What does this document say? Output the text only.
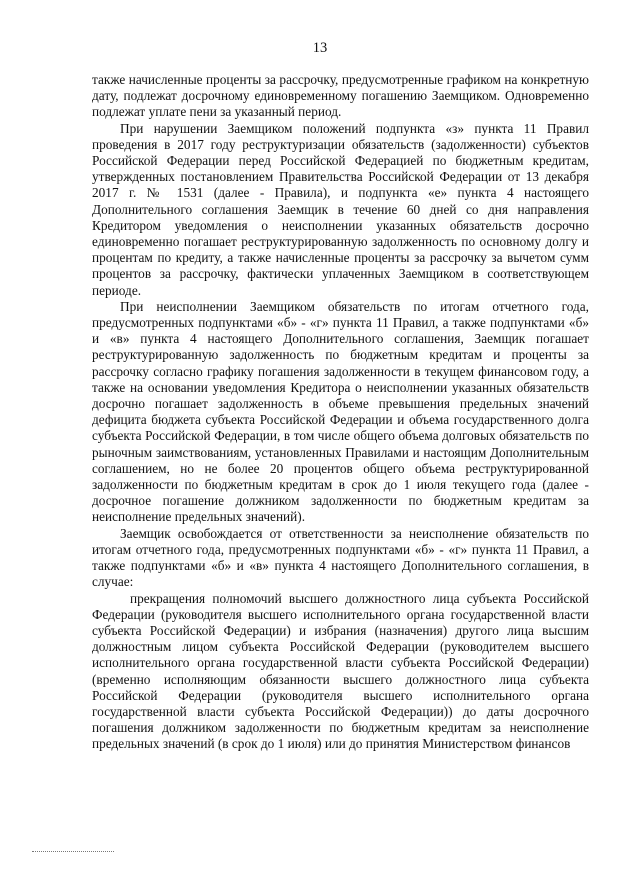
13

также начисленные проценты за рассрочку, предусмотренные графиком на конкретную дату, подлежат досрочному единовременному погашению Заемщиком. Одновременно подлежат уплате пени за указанный период.

При нарушении Заемщиком положений подпункта «з» пункта 11 Правил проведения в 2017 году реструктуризации обязательств (задолженности) субъектов Российской Федерации перед Российской Федерацией по бюджетным кредитам, утвержденных постановлением Правительства Российской Федерации от 13 декабря 2017 г. № 1531 (далее - Правила), и подпункта «е» пункта 4 настоящего Дополнительного соглашения Заемщик в течение 60 дней со дня направления Кредитором уведомления о неисполнении указанных обязательств досрочно единовременно погашает реструктурированную задолженность по основному долгу и процентам по кредиту, а также начисленные проценты за рассрочку за вычетом сумм процентов за рассрочку, фактически уплаченных Заемщиком в соответствующем периоде.

При неисполнении Заемщиком обязательств по итогам отчетного года, предусмотренных подпунктами «б» - «г» пункта 11 Правил, а также подпунктами «б» и «в» пункта 4 настоящего Дополнительного соглашения, Заемщик погашает реструктурированную задолженность по бюджетным кредитам и проценты за рассрочку согласно графику погашения задолженности в текущем финансовом году, а также на основании уведомления Кредитора о неисполнении указанных обязательств досрочно погашает задолженность в объеме превышения предельных значений дефицита бюджета субъекта Российской Федерации и объема государственного долга субъекта Российской Федерации, в том числе общего объема долговых обязательств по рыночным заимствованиям, установленных Правилами и настоящим Дополнительным соглашением, но не более 20 процентов общего объема реструктурированной задолженности по бюджетным кредитам в срок до 1 июля текущего года (далее - досрочное погашение должником задолженности по бюджетным кредитам за неисполнение предельных значений).

Заемщик освобождается от ответственности за неисполнение обязательств по итогам отчетного года, предусмотренных подпунктами «б» - «г» пункта 11 Правил, а также подпунктами «б» и «в» пункта 4 настоящего Дополнительного соглашения, в случае:

прекращения полномочий высшего должностного лица субъекта Российской Федерации (руководителя высшего исполнительного органа государственной власти субъекта Российской Федерации) и избрания (назначения) другого лица высшим должностным лицом субъекта Российской Федерации (руководителем высшего исполнительного органа государственной власти субъекта Российской Федерации) (временно исполняющим обязанности высшего должностного лица субъекта Российской Федерации (руководителя высшего исполнительного органа государственной власти субъекта Российской Федерации)) до даты досрочного погашения должником задолженности по бюджетным кредитам за неисполнение предельных значений (в срок до 1 июля) или до принятия Министерством финансов
